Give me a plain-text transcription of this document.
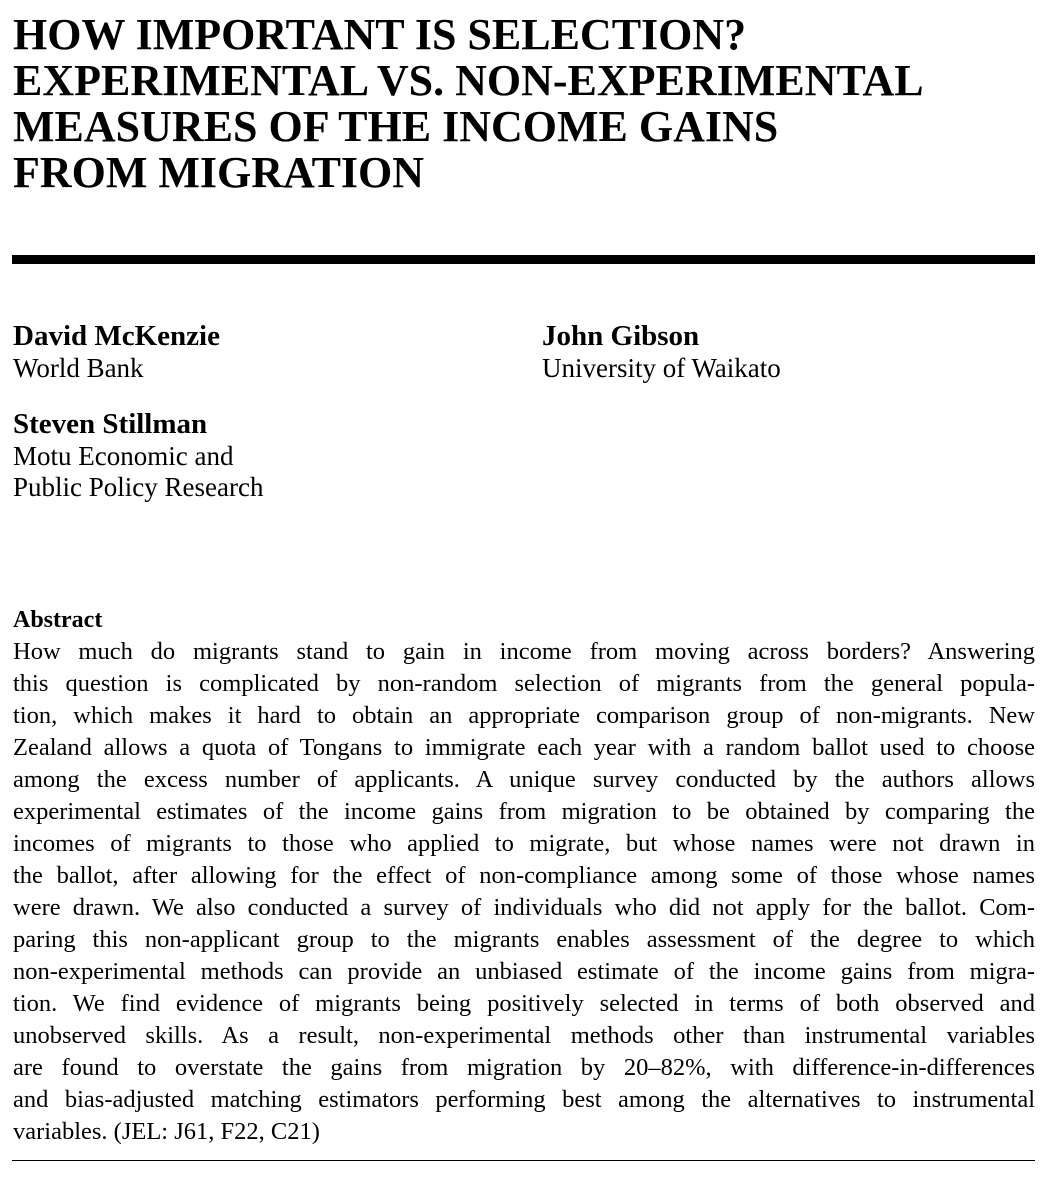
HOW IMPORTANT IS SELECTION?
EXPERIMENTAL VS. NON-EXPERIMENTAL
MEASURES OF THE INCOME GAINS
FROM MIGRATION
David McKenzie
World Bank
John Gibson
University of Waikato
Steven Stillman
Motu Economic and
Public Policy Research
Abstract
How much do migrants stand to gain in income from moving across borders? Answering
this question is complicated by non-random selection of migrants from the general popula-
tion, which makes it hard to obtain an appropriate comparison group of non-migrants. New
Zealand allows a quota of Tongans to immigrate each year with a random ballot used to choose
among the excess number of applicants. A unique survey conducted by the authors allows
experimental estimates of the income gains from migration to be obtained by comparing the
incomes of migrants to those who applied to migrate, but whose names were not drawn in
the ballot, after allowing for the effect of non-compliance among some of those whose names
were drawn. We also conducted a survey of individuals who did not apply for the ballot. Com-
paring this non-applicant group to the migrants enables assessment of the degree to which
non-experimental methods can provide an unbiased estimate of the income gains from migra-
tion. We find evidence of migrants being positively selected in terms of both observed and
unobserved skills. As a result, non-experimental methods other than instrumental variables
are found to overstate the gains from migration by 20–82%, with difference-in-differences
and bias-adjusted matching estimators performing best among the alternatives to instrumental
variables. (JEL: J61, F22, C21)
